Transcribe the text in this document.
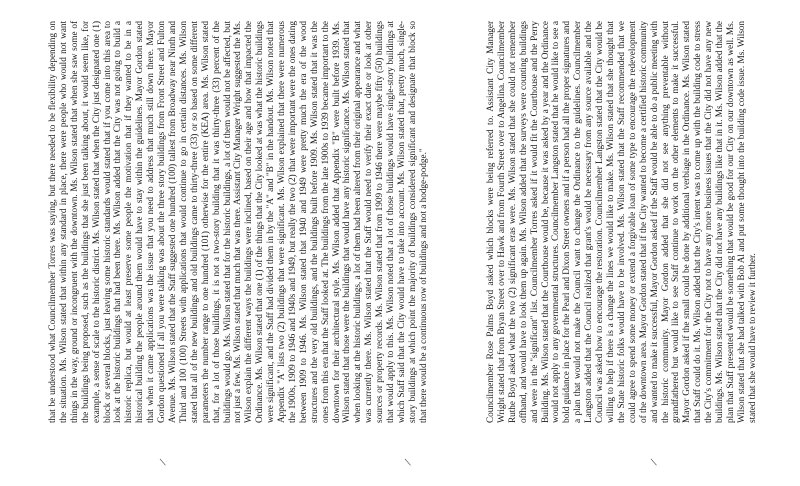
that be understood what Councilmember Torres was saying, but there needed to be flexibility depending on the situation. Ms. Wilson stated that within any standard in place, there were people who would not want things in the way, ground or incongruent with the downtown. Ms. Wilson stated that when she saw some of the buildings being proposed, such as the buildings that she just been talking about, it would seem like, for example, a sense of scale to the historic district. Ms. Wilson stated that when the City just designated one (1) block or several blocks, just leaving some historic standards would stated that if you come into this area to look at the historic buildings that had been there. Ms. Wilson added that the City was not going to build a historic replica, but would at least preserve some people the motivation that if they wanted to be in a historical building the people around them would have to stay within the guidelines. Mayor Gordon stated that when it came applications was the issue that you need to address that much still down there. Mayor Gordon questioned if all you were talking was about the three story buildings from Front Street and Fulton Avenue. Ms. Wilson stated that the Staff suggested one hundred (100) tallest from Broadway near Ninth and Third and 100 (100) Streets with applications that would continue to go in certain distances. Ms. Wilson stated that all of the new buildings and old buildings came to thirty-three (33) or so based on some different parameters the number range to one hundred (101) otherwise for the entire (KEA) area. Ms. Wilson stated that, for a lot of those buildings, it is not a two-story building that it was thirty-three (33) percent of the buildings would go. Ms. Wilson stated that for the historic buildings, a lot of them would not be affected, but not just a few. Ms. Wilson stated that much that was there. Assistant City Manager Wright suggested the Ms. Wilson explain the different ways the buildings were inclined, based on their age and how that impacted the Ordinance. Ms. Wilson stated that one (1) of the things that the City looked at was what the historic buildings were significant, and the Staff had divided them in by the "A" and "B" in the handout. Ms. Wilson noted that Appendix "A" lists two (2) buildings that were significant. Ms. Wilson explained that there were numerous the 1900s, 1909 to 1946 and 1940s and 1949, but really the two (2) that were important were the ones dating between 1909 to 1946. Ms. Wilson stated that 1940 and 1949 were pretty much the era of the wood structures and the very old buildings, and the buildings built before 1909. Ms. Wilson stated that it was the ones from this era that the Staff looked at. The buildings from the late 1900s to 1939 became important to the downtown for their architectural style. Ms. Wilson added that Appendix "B" were built before 1939. Ms. Wilson stated that those were the buildings that would have any historic significance. Ms. Wilson stated that when looking at the historic buildings, a lot of them had been altered from their original appearance and what was currently there. Ms. Wilson stated that the Staff would need to verify their exact date or look at other sources or property records. Ms. Wilson stated that from 1909 to 1946 there were maybe fifty (50) buildings that would apply to this. Ms. Wilson noted that a lot of those buildings would have single-story buildings at which Staff said that the City would have to take into account. Ms. Wilson stated that, pretty much, single-story buildings at which point the majority of buildings considered significant and designate that block so that there would be a continuous row of buildings and not a hodge-podge."	Councilmember Rose Palms Boyd asked which blocks were being referred to. Assistant City Manager Wright stated that from Bryan Street over to Hawk and from Fourth Street over to Angelina. Councilmember Ruthe Boyd asked what the two (2) significant eras were. Ms. Wilson stated that she could not remember offhand, and would have to look them up again. Ms. Wilson added that the surveys were counting buildings and were in the "significant" list. Councilmember Torres asked if it would fit the Courthouse and the Perry Building. Ms. Wilson stated that the Courthouse would be, because it was asked by a year and the Ordinance would not apply to any governmental structures. Councilmember Langston stated that he would like to see a bold guidance in place for the Pearl and Dixon Street owners and if a person had all the proper signatures and a plan that would not make the Council want to change the Ordinance to the guidelines. Councilmember Langston added that the Council realized that grant's would be necessary from any source available and the Council was asked how to encourage the restoration. Councilmember Langston stated that the City would be willing to help if there is a change the lines we would like to make. Ms. Wilson stated that she thought that the State historic folks would have to be involved. Ms. Wilson stated that the Staff recommended that we could agree to spend some money or extend a forgivable loan of some type to encourage the redevelopment of the downtown area. Mayor Gordon stated that if the City wanted to become a certified historic community and wanted to make it successful, Mayor Gordon asked if the Staff would be able to do a public meeting with the historic community. Mayor Gordon added that she did not see anything preventable without grandfathered but would like to see Staff continue to work on the other elements to make it successful. Mayor Gordon asked if the small could be done by additional verbiage in the Ordinance. Ms. Wilson stated that Staff could do it. Ms. Wilson added that the City's intent was to come up with the building code to stress the City's commitment for the City not to have any more business issues that the City did not have any new buildings. Ms. Wilson stated that the City did not have any buildings like that in it. Ms. Wilson added that the plan that Staff presented would be something that would be good for our City on our downtown as well. Ms. Wilson stated that she had talked with Bob Al and put some thought into the building code issue. Ms. Wilson stated that she would have to review it further.

/	/	/
